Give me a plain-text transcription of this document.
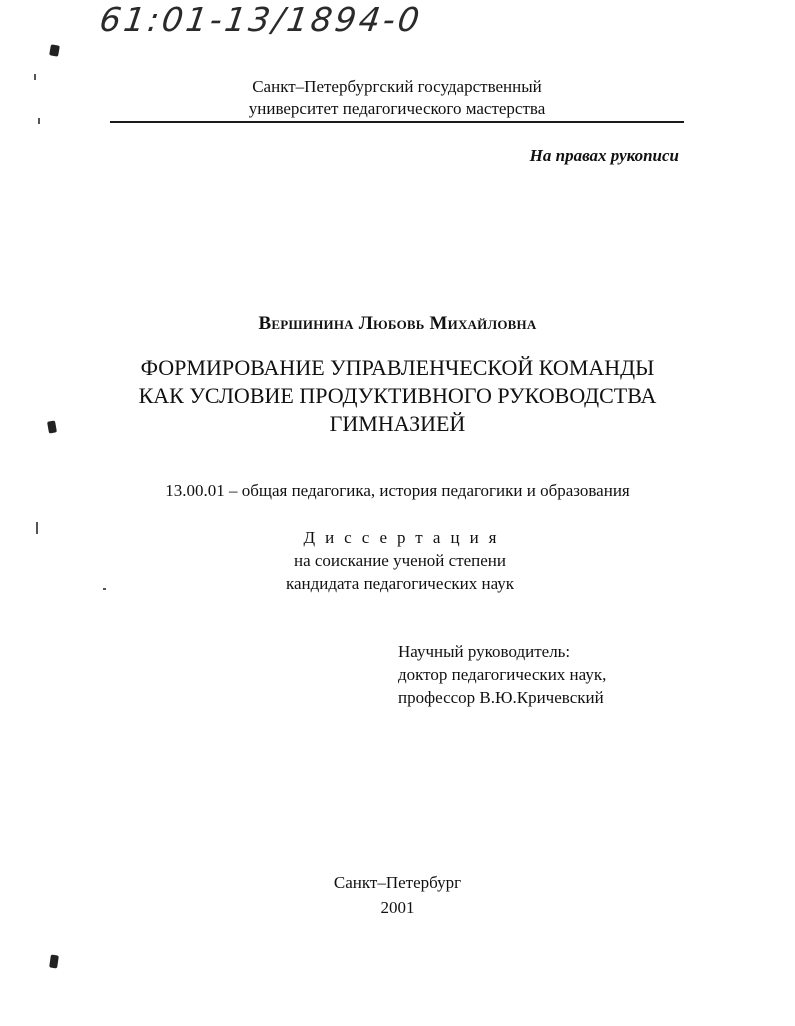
61:01-13/1894-0
Санкт–Петербургский государственный
университет педагогического мастерства
На правах рукописи
Вершинина Любовь Михайловна
ФОРМИРОВАНИЕ УПРАВЛЕНЧЕСКОЙ КОМАНДЫ
КАК УСЛОВИЕ ПРОДУКТИВНОГО РУКОВОДСТВА
ГИМНАЗИЕЙ
13.00.01 – общая педагогика, история педагогики и образования
Диссертация
на соискание ученой степени
кандидата педагогических наук
Научный руководитель:
доктор педагогических наук,
профессор В.Ю.Кричевский
Санкт–Петербург
2001
